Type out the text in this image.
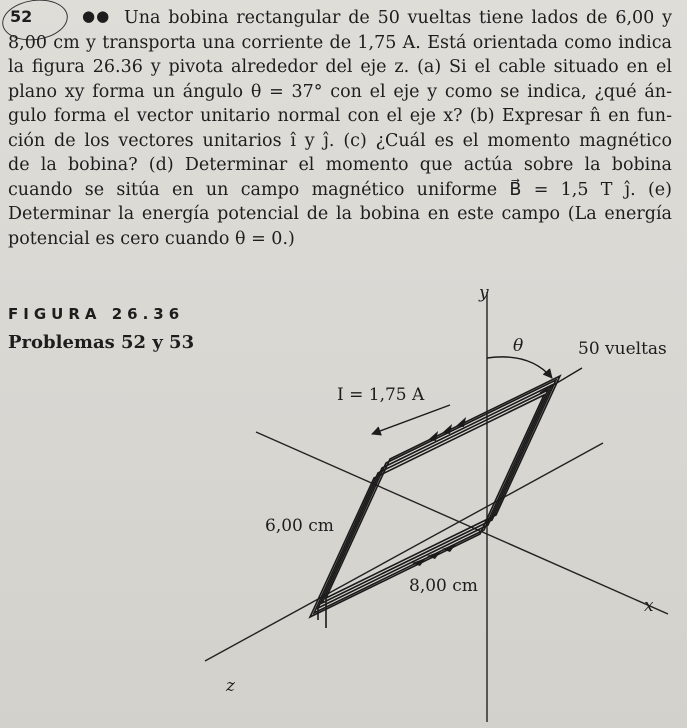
52	●● Una bobina rectangular de 50 vueltas tiene lados de 6,00 y
8,00 cm y transporta una corriente de 1,75 A. Está orientada como indica
la figura 26.36 y pivota alrededor del eje z. (a) Si el cable situado en el
plano xy forma un ángulo θ = 37° con el eje y como se indica, ¿qué án-
gulo forma el vector unitario normal con el eje x? (b) Expresar n̂ en fun-
ción de los vectores unitarios î y ĵ. (c) ¿Cuál es el momento magnético
de la bobina? (d) Determinar el momento que actúa sobre la bobina
cuando se sitúa en un campo magnético uniforme B⃗ = 1,5 T ĵ. (e)
Determinar la energía potencial de la bobina en este campo (La energía
potencial es cero cuando θ = 0.)
FIGURA 26.36
Problemas 52 y 53
y
x
z
θ	50 vueltas
I = 1,75 A
6,00 cm
8,00 cm
